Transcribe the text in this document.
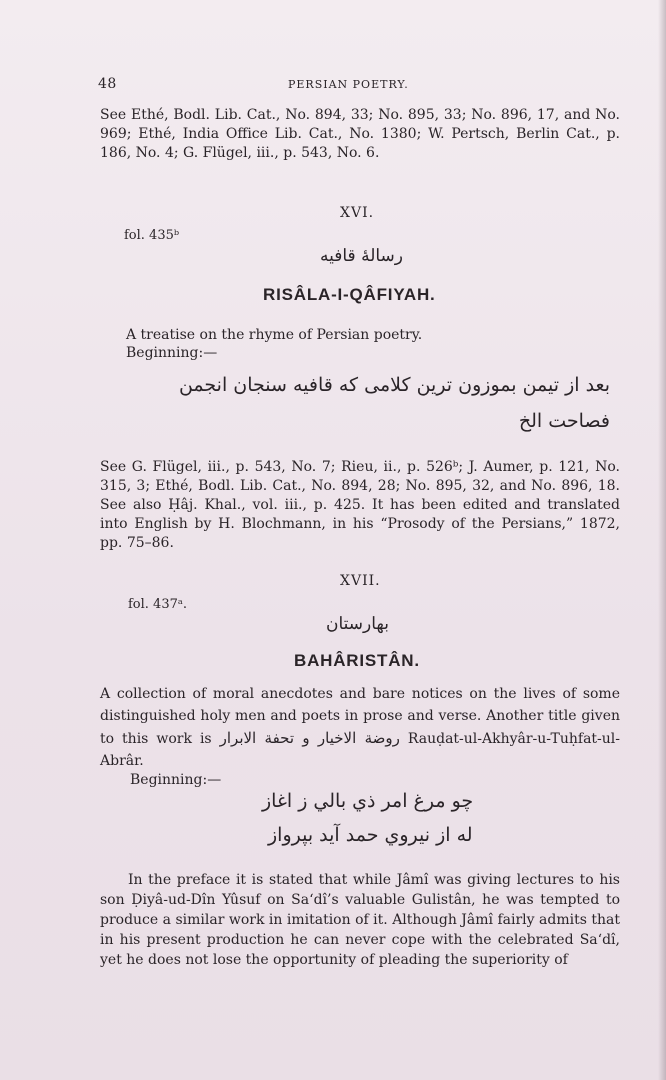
48	PERSIAN POETRY.

See Ethé, Bodl. Lib. Cat., No. 894, 33; No. 895, 33; No. 896, 17, and No. 969; Ethé, India Office Lib. Cat., No. 1380; W. Pertsch, Berlin Cat., p. 186, No. 4; G. Flügel, iii., p. 543, No. 6.

XVI.
fol. 435ᵇ
رسالهٔ قافیه
RISÂLA-I-QÂFIYAH.
A treatise on the rhyme of Persian poetry.
Beginning:—
بعد از تیمن بموزون ترین کلامی که قافیه سنجان انجمن
فصاحت الخ

See G. Flügel, iii., p. 543, No. 7; Rieu, ii., p. 526ᵇ; J. Aumer, p. 121, No. 315, 3; Ethé, Bodl. Lib. Cat., No. 894, 28; No. 895, 32, and No. 896, 18. See also Ḥâj. Khal., vol. iii., p. 425. It has been edited and translated into English by H. Blochmann, in his “Prosody of the Persians,” 1872, pp. 75–86.

XVII.
fol. 437ᵃ.
بهارستان
BAHÂRISTÂN.

A collection of moral anecdotes and bare notices on the lives of some distinguished holy men and poets in prose and verse. Another title given to this work is روضة الاخيار و تحفة الابرار Rauḍat-ul-Akhyâr-u-Tuḥfat-ul-Abrâr.

Beginning:—
چو مرغ امر ذي بالي ز اغاز
له از نیروي حمد آيد بپرواز

In the preface it is stated that while Jâmî was giving lectures to his son Ḍiyâ-ud-Dîn Yûsuf on Sa‘dî’s valuable Gulistân, he was tempted to produce a similar work in imitation of it. Although Jâmî fairly admits that in his present production he can never cope with the celebrated Sa‘dî, yet he does not lose the opportunity of pleading the superiority of
